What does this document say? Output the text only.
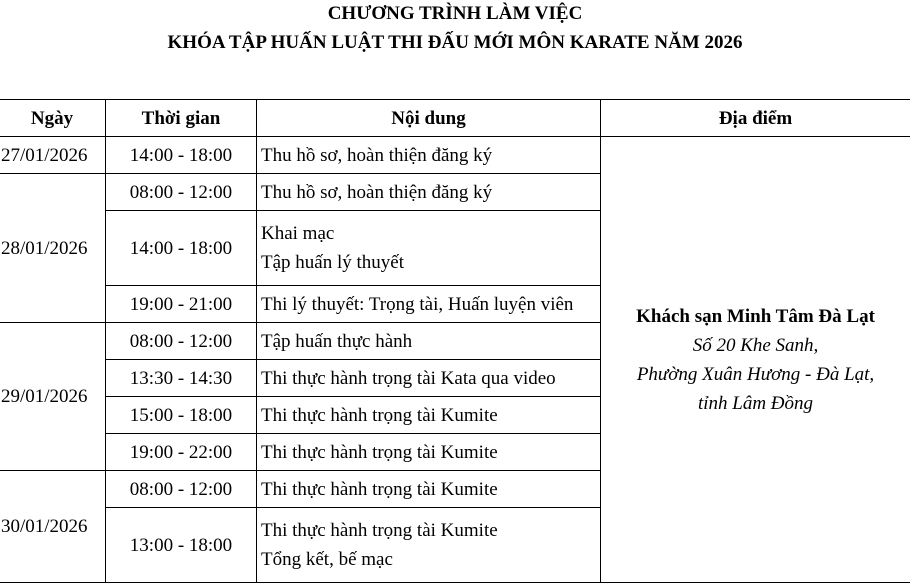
CHƯƠNG TRÌNH LÀM VIỆC
KHÓA TẬP HUẤN LUẬT THI ĐẤU MỚI MÔN KARATE NĂM 2026
Ngày	Thời gian	Nội dung	Địa điểm
27/01/2026	14:00 - 18:00	Thu hồ sơ, hoàn thiện đăng ký	Khách sạn Minh Tâm Đà Lạt
Số 20 Khe Sanh,
Phường Xuân Hương - Đà Lạt,
tỉnh Lâm Đồng

28/01/2026	08:00 - 12:00	Thu hồ sơ, hoàn thiện đăng ký	

	14:00 - 18:00	Khai mạc
Tập huấn lý thuyết	

	19:00 - 21:00	Thi lý thuyết: Trọng tài, Huấn luyện viên	

29/01/2026	08:00 - 12:00	Tập huấn thực hành	

	13:30 - 14:30	Thi thực hành trọng tài Kata qua video	

	15:00 - 18:00	Thi thực hành trọng tài Kumite	

	19:00 - 22:00	Thi thực hành trọng tài Kumite	

30/01/2026	08:00 - 12:00	Thi thực hành trọng tài Kumite	

	13:00 - 18:00	Thi thực hành trọng tài Kumite
Tổng kết, bế mạc	
